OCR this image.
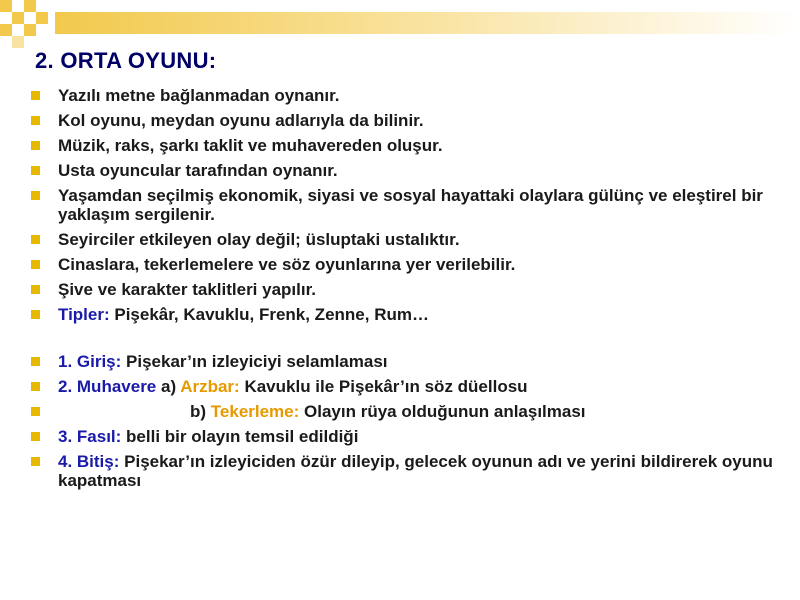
2. ORTA OYUNU:
Yazılı metne bağlanmadan oynanır.
Kol oyunu, meydan oyunu adlarıyla da bilinir.
Müzik, raks, şarkı taklit ve muhavereden oluşur.
Usta oyuncular tarafından oynanır.
Yaşamdan seçilmiş ekonomik, siyasi ve sosyal hayattaki olaylara gülünç ve eleştirel bir yaklaşım sergilenir.
Seyirciler etkileyen olay değil; üsluptaki ustalıktır.
Cinaslara, tekerlemelere ve söz oyunlarına yer verilebilir.
Şive ve karakter taklitleri yapılır.
Tipler: Pişekâr, Kavuklu, Frenk, Zenne, Rum…
1. Giriş: Pişekar’ın izleyiciyi selamlaması
2. Muhavere a) Arzbar: Kavuklu ile Pişekâr’ın söz düellosu
b) Tekerleme: Olayın rüya olduğunun anlaşılması
3. Fasıl: belli bir olayın temsil edildiği
4. Bitiş: Pişekar’ın izleyiciden özür dileyip, gelecek oyunun adı ve yerini bildirerek oyunu kapatması
